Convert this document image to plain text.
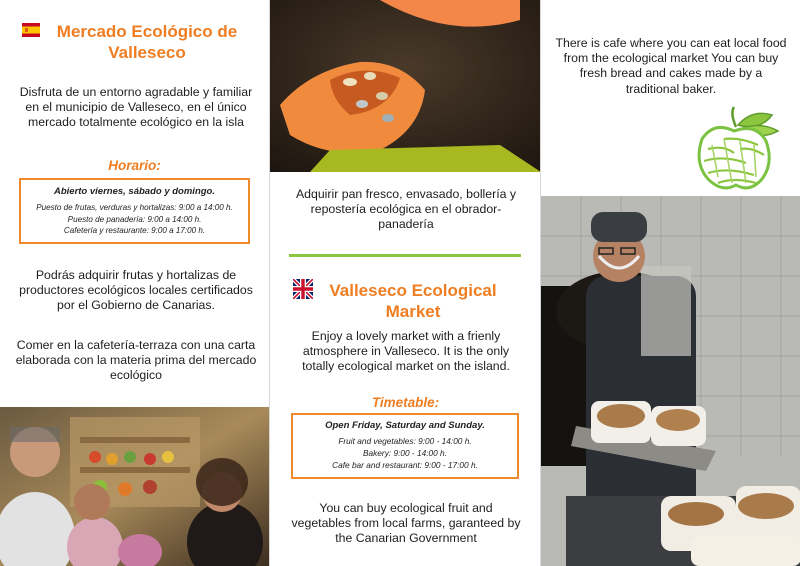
Mercado Ecológico de Valleseco
Disfruta de un entorno agradable y familiar en el municipio de Valleseco, en el único mercado totalmente ecológico en la isla
Horario:
Abierto viernes, sábado y domingo.
Puesto de frutas, verduras y hortalizas: 9:00 a 14:00 h.
Puesto de panadería: 9:00 a 14:00 h.
Cafetería y restaurante: 9:00 a 17:00 h.
Podrás adquirir frutas y hortalizas de productores ecológicos locales certificados por el Gobierno de Canarias.
Comer en la cafetería-terraza con una carta elaborada con la materia prima del mercado ecológico
Adquirir pan fresco, envasado, bollería y repostería ecológica en el obrador-panadería
Valleseco Ecological Market
Enjoy a lovely market with a frienly atmosphere in Valleseco. It is the only totally ecological market on the island.
Timetable:
Open Friday, Saturday and Sunday.
Fruit and vegetables: 9:00 - 14:00 h.
Bakery: 9:00 - 14:00 h.
Cafe bar and restaurant: 9:00 - 17:00 h.
You can buy ecological fruit and vegetables from local farms, garanteed by the Canarian Government
There is cafe where you can eat local food from the ecological market You can buy fresh bread and cakes made by a traditional baker.
